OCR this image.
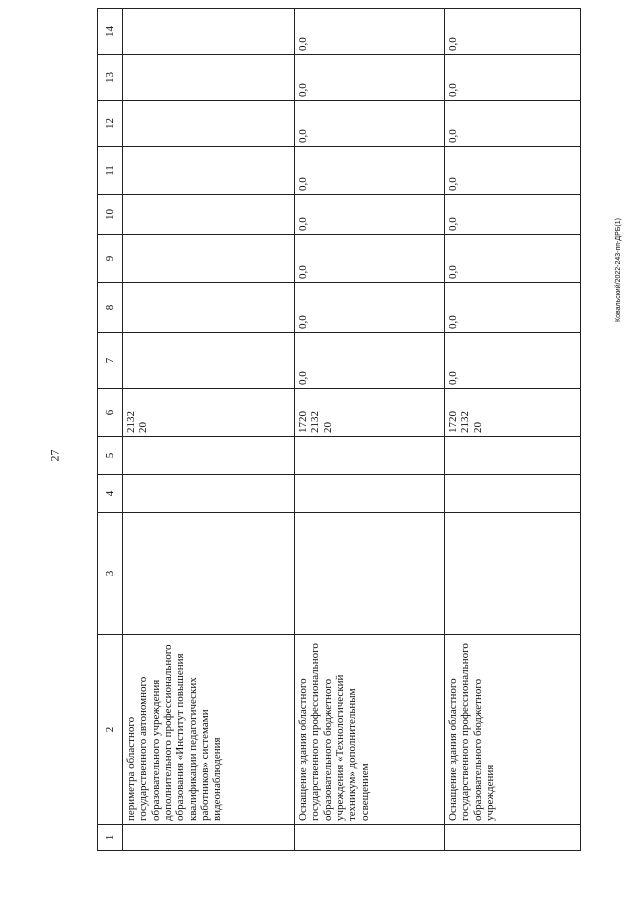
27
Ковальский/2022-243-пп-ДРБ(1)
1	2	3	4	5	6	7	8	9	10	11	12	13	14
	периметра областного государственного автономного образовательного учреждения дополнительного профессионального образования «Институт повышения квалификации педагогических работников» системами видеонаблюдения				2132 20								

	Оснащение здания областного государственного профессионального образовательного бюджетного учреждения «Технологический техникум» дополнительным освещением				1720 2132 20	0,0	0,0	0,0	0,0	0,0	0,0	0,0	0,0
	Оснащение здания областного государственного профессионального образовательного бюджетного учреждения				1720 2132 20	0,0	0,0	0,0	0,0	0,0	0,0	0,0	0,0
